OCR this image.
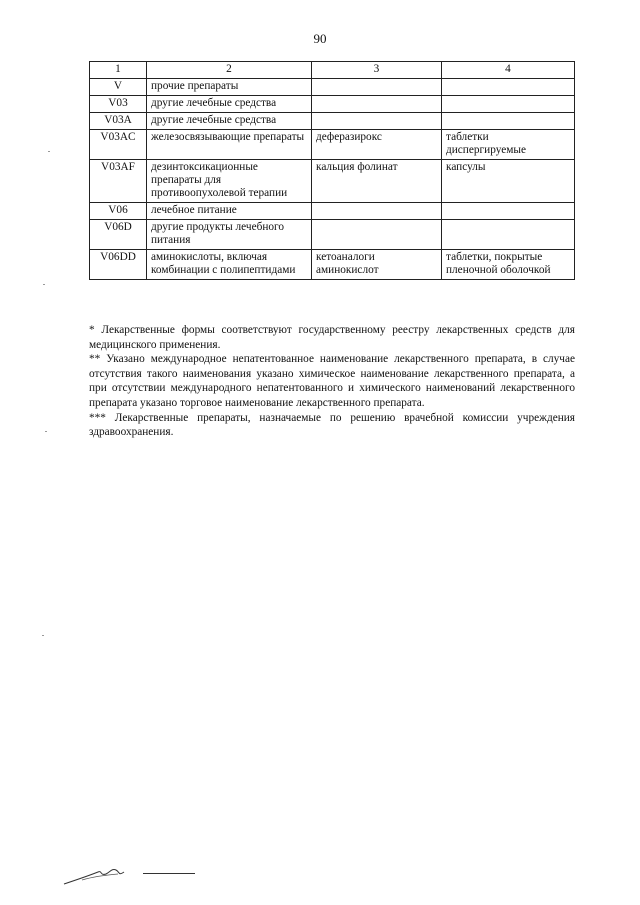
90
1	2	3	4
V	прочие препараты		
V03	другие лечебные средства		
V03A	другие лечебные средства		
V03AC	железосвязывающие препараты	деферазирокс	таблетки диспергируемые
V03AF	дезинтоксикационные препараты для противоопухолевой терапии	кальция фолинат	капсулы
V06	лечебное питание		
V06D	другие продукты лечебного питания		
V06DD	аминокислоты, включая комбинации с полипептидами	кетоаналоги аминокислот	таблетки, покрытые пленочной оболочкой

* Лекарственные формы соответствуют государственному реестру лекарственных средств для медицинского применения.

** Указано международное непатентованное наименование лекарственного препарата, в случае отсутствия такого наименования указано химическое наименование лекарственного препарата, а при отсутствии международного непатентованного и химического наименований лекарственного препарата указано торговое наименование лекарственного препарата.

*** Лекарственные препараты, назначаемые по решению врачебной комиссии учреждения здравоохранения.
